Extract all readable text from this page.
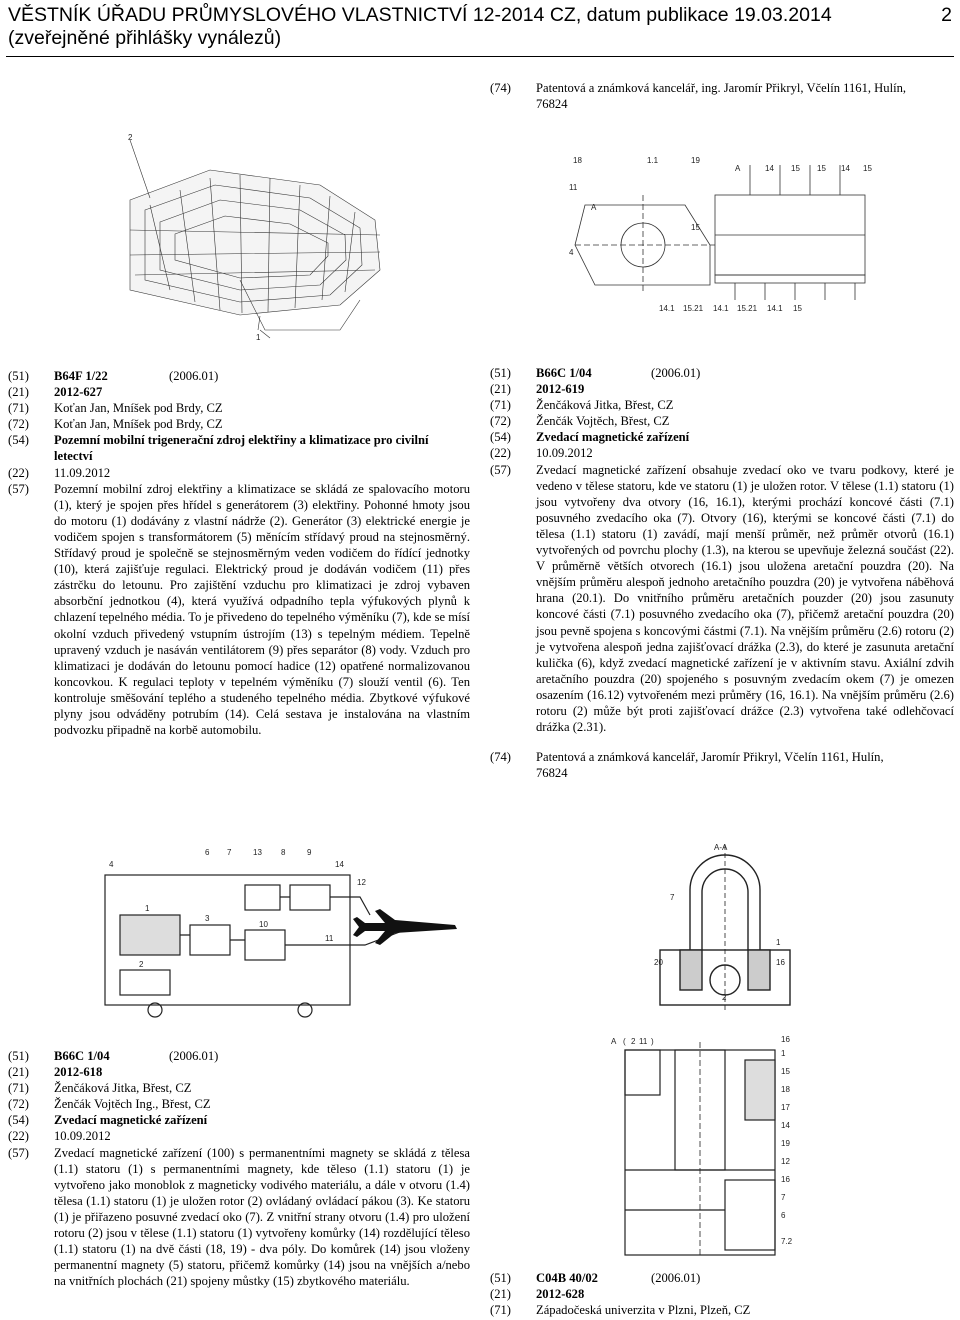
VĚSTNÍK ÚŘADU PRŮMYSLOVÉHO VLASTNICTVÍ 12-2014 CZ, datum publikace 19.03.2014
(zveřejněné přihlášky vynálezů)
2
(74)	Patentová a známková kancelář, ing. Jaromír Přikryl, Včelín 1161, Hulín,
76824
2
1
18	1.1	19
A	14 15 15 14 15
11
15
4
A
14.1 15.21 14.1 15.21 14.1 15
(51)	B64F 1/22	(2006.01)
(21)	2012-627
(71)	Koťan Jan, Mníšek pod Brdy, CZ
(72)	Koťan Jan, Mníšek pod Brdy, CZ
(54)	Pozemní mobilní trigenerační zdroj elektřiny a klimatizace pro civilní letectví
(22)	11.09.2012
(57)	Pozemní mobilní zdroj elektřiny a klimatizace se skládá ze spalovacího motoru (1), který je spojen přes hřídel s generátorem (3) elektřiny. Pohonné hmoty jsou do motoru (1) dodávány z vlastní nádrže (2). Generátor (3) elektrické energie je vodičem spojen s transformátorem (5) měnícím střídavý proud na stejnosměrný. Střídavý proud je společně se stejnosměrným veden vodičem do řídící jednotky (10), která zajišťuje regulaci. Elektrický proud je dodáván vodičem (11) přes zástrčku do letounu. Pro zajištění vzduchu pro klimatizaci je zdroj vybaven absorbční jednotkou (4), která využívá odpadního tepla výfukových plynů k chlazení tepelného média. To je přivedeno do tepelného výměníku (7), kde se mísí okolní vzduch přivedený vstupním ústrojím (13) s tepelným médiem. Tepelně upravený vzduch je nasáván ventilátorem (9) přes separátor (8) vody. Vzduch pro klimatizaci je dodáván do letounu pomocí hadice (12) opatřené normalizovanou koncovkou. K regulaci teploty v tepelném výměníku (7) slouží ventil (6). Ten kontroluje směšování teplého a studeného tepelného média. Zbytkové výfukové plyny jsou odváděny potrubím (14). Celá sestava je instalována na vlastním podvozku připadně na korbě automobilu.
6 7	13 8	9
12
14
1
2
3
10
11
4
(51)	B66C 1/04	(2006.01)
(21)	2012-619
(71)	Ženčáková Jitka, Břest, CZ
(72)	Ženčák Vojtěch, Břest, CZ
(54)	Zvedací magnetické zařízení
(22)	10.09.2012
(57)	Zvedací magnetické zařízení obsahuje zvedací oko ve tvaru podkovy, které je vedeno v tělese statoru, kde ve statoru (1) je uložen rotor. V tělese (1.1) statoru (1) jsou vytvořeny dva otvory (16, 16.1), kterými prochází koncové části (7.1) posuvného zvedacího oka (7). Otvory (16), kterými se koncové části (7.1) do tělesa (1.1) statoru (1) zavádí, mají menší průměr, než průměr otvorů (16.1) vytvořených od povrchu plochy (1.3), na kterou se upevňuje železná součást (22). V průměrně větších otvorech (16.1) jsou uložena aretační pouzdra (20). Na vnějším průměru alespoň jednoho aretačního pouzdra (20) je vytvořena náběhová hrana (20.1). Do vnitřního průměru aretačních pouzder (20) jsou zasunuty koncové části (7.1) posuvného zvedacího oka (7), přičemž aretační pouzdra (20) jsou pevně spojena s koncovými částmi (7.1). Na vnějším průměru (2.6) rotoru (2) je vytvořena alespoň jedna zajišťovací drážka (2.3), do které je zasunuta aretační kulička (6), když zvedací magnetické zařízení je v aktivním stavu. Axiální zdvih aretačního pouzdra (20) spojeného s posuvným zvedacím okem (7) je omezen osazením (16.12) vytvořeném mezi průměry (16, 16.1). Na vnějším průměru (2.6) rotoru (2) může být proti zajišťovací drážce (2.3) vytvořena také odlehčovací drážka (2.31).
(74)	Patentová a známková kancelář, Jaromír Přikryl, Včelín 1161, Hulín,
76824
A-A
7
20
1
16
2
(51)	B66C 1/04	(2006.01)
(21)	2012-618
(71)	Ženčáková Jitka, Břest, CZ
(72)	Ženčák Vojtěch Ing., Břest, CZ
(54)	Zvedací magnetické zařízení
(22)	10.09.2012
(57)	Zvedací magnetické zařízení (100) s permanentními magnety se skládá z tělesa (1.1) statoru (1) s permanentními magnety, kde těleso (1.1) statoru (1) je vytvořeno jako monoblok z magneticky vodivého materiálu, a dále v otvoru (1.4) tělesa (1.1) statoru (1) je uložen rotor (2) ovládaný ovládací pákou (3). Ke statoru (1) je přiřazeno posuvné zvedací oko (7). Z vnitřní strany otvoru (1.4) pro uložení rotoru (2) jsou v tělese (1.1) statoru (1) vytvořeny komůrky (14) rozdělující těleso (1.1) statoru (1) na dvě části (18, 19) - dva póly. Do komůrek (14) jsou vloženy permanentní magnety (5) statoru, přičemž komůrky (14) jsou na vnějších a/nebo na vnitřních plochách (21) spojeny můstky (15) zbytkového materiálu.
A ( 2 11 )	16
1
15
18
17
14
19
12
16
7
6
7.2
(51)	C04B 40/02	(2006.01)
(21)	2012-628
(71)	Západočeská univerzita v Plzni, Plzeň, CZ
